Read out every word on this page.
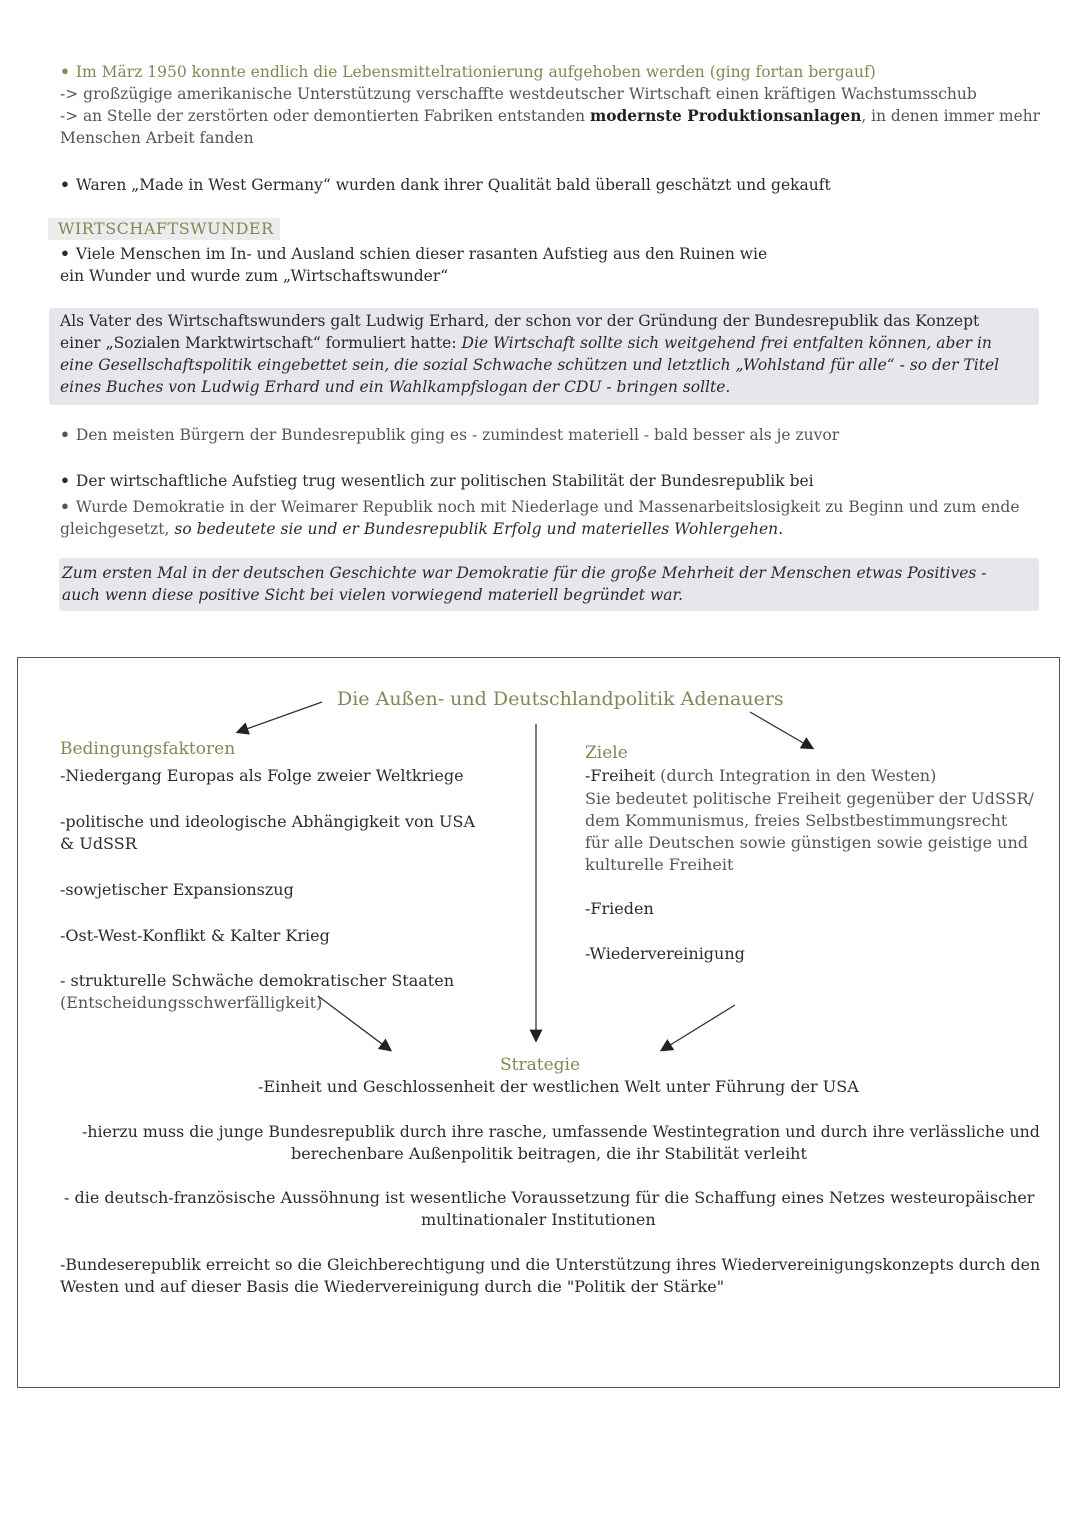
• Im März 1950 konnte endlich die Lebensmittelrationierung aufgehoben werden (ging fortan bergauf)
-> großzügige amerikanische Unterstützung verschaffte westdeutscher Wirtschaft einen kräftigen Wachstumsschub
-> an Stelle der zerstörten oder demontierten Fabriken entstanden modernste Produktionsanlagen, in denen immer mehr
Menschen Arbeit fanden
• Waren „Made in West Germany“ wurden dank ihrer Qualität bald überall geschätzt und gekauft
WIRTSCHAFTSWUNDER
• Viele Menschen im In- und Ausland schien dieser rasanten Aufstieg aus den Ruinen wie
ein Wunder und wurde zum „Wirtschaftswunder“
Als Vater des Wirtschaftswunders galt Ludwig Erhard, der schon vor der Gründung der Bundesrepublik das Konzept
einer „Sozialen Marktwirtschaft“ formuliert hatte: Die Wirtschaft sollte sich weitgehend frei entfalten können, aber in
eine Gesellschaftspolitik eingebettet sein, die sozial Schwache schützen und letztlich „Wohlstand für alle“ - so der Titel
eines Buches von Ludwig Erhard und ein Wahlkampfslogan der CDU - bringen sollte.
• Den meisten Bürgern der Bundesrepublik ging es - zumindest materiell - bald besser als je zuvor
• Der wirtschaftliche Aufstieg trug wesentlich zur politischen Stabilität der Bundesrepublik bei
• Wurde Demokratie in der Weimarer Republik noch mit Niederlage und Massenarbeitslosigkeit zu Beginn und zum ende
gleichgesetzt, so bedeutete sie und er Bundesrepublik Erfolg und materielles Wohlergehen.
Zum ersten Mal in der deutschen Geschichte war Demokratie für die große Mehrheit der Menschen etwas Positives -
auch wenn diese positive Sicht bei vielen vorwiegend materiell begründet war.
Die Außen- und Deutschlandpolitik Adenauers
Bedingungsfaktoren
-Niedergang Europas als Folge zweier Weltkriege
-politische und ideologische Abhängigkeit von USA
& UdSSR
-sowjetischer Expansionszug
-Ost-West-Konflikt & Kalter Krieg
- strukturelle Schwäche demokratischer Staaten
(Entscheidungsschwerfälligkeit)
Ziele
-Freiheit (durch Integration in den Westen)
Sie bedeutet politische Freiheit gegenüber der UdSSR/
dem Kommunismus, freies Selbstbestimmungsrecht
für alle Deutschen sowie günstigen sowie geistige und
kulturelle Freiheit
-Frieden
-Wiedervereinigung
Strategie
-Einheit und Geschlossenheit der westlichen Welt unter Führung der USA
-hierzu muss die junge Bundesrepublik durch ihre rasche, umfassende Westintegration und durch ihre verlässliche und
berechenbare Außenpolitik beitragen, die ihr Stabilität verleiht
- die deutsch-französische Aussöhnung ist wesentliche Voraussetzung für die Schaffung eines Netzes westeuropäischer
multinationaler Institutionen
-Bundeserepublik erreicht so die Gleichberechtigung und die Unterstützung ihres Wiedervereinigungskonzepts durch den
Westen und auf dieser Basis die Wiedervereinigung durch die "Politik der Stärke"
